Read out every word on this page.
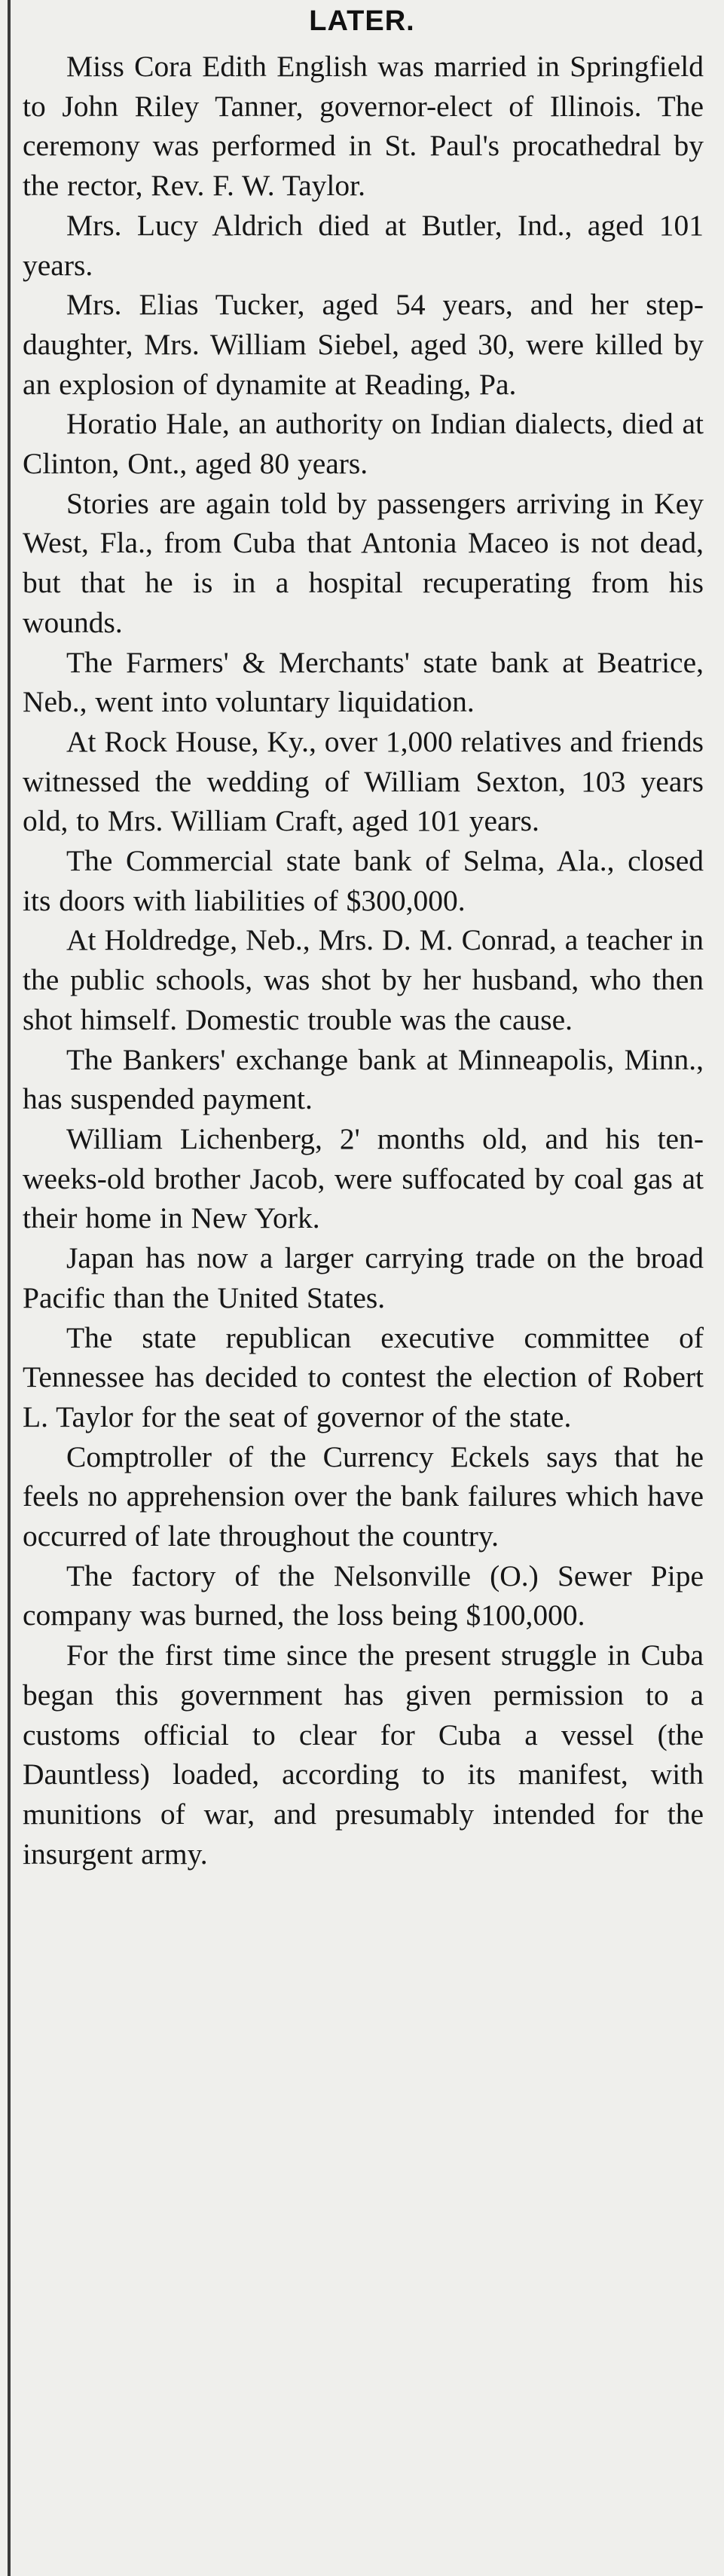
LATER.

Miss Cora Edith English was married in Springfield to John Riley Tanner, governor-elect of Illinois. The ceremony was performed in St. Paul's procathedral by the rector, Rev. F. W. Taylor.

Mrs. Lucy Aldrich died at Butler, Ind., aged 101 years.

Mrs. Elias Tucker, aged 54 years, and her step-daughter, Mrs. William Siebel, aged 30, were killed by an explosion of dynamite at Reading, Pa.

Horatio Hale, an authority on Indian dialects, died at Clinton, Ont., aged 80 years.

Stories are again told by passengers arriving in Key West, Fla., from Cuba that Antonia Maceo is not dead, but that he is in a hospital recuperating from his wounds.

The Farmers' & Merchants' state bank at Beatrice, Neb., went into voluntary liquidation.

At Rock House, Ky., over 1,000 relatives and friends witnessed the wedding of William Sexton, 103 years old, to Mrs. William Craft, aged 101 years.

The Commercial state bank of Selma, Ala., closed its doors with liabilities of $300,000.

At Holdredge, Neb., Mrs. D. M. Conrad, a teacher in the public schools, was shot by her husband, who then shot himself. Domestic trouble was the cause.

The Bankers' exchange bank at Minneapolis, Minn., has suspended payment.

William Lichenberg, 2' months old, and his ten-weeks-old brother Jacob, were suffocated by coal gas at their home in New York.

Japan has now a larger carrying trade on the broad Pacific than the United States.

The state republican executive committee of Tennessee has decided to contest the election of Robert L. Taylor for the seat of governor of the state.

Comptroller of the Currency Eckels says that he feels no apprehension over the bank failures which have occurred of late throughout the country.

The factory of the Nelsonville (O.) Sewer Pipe company was burned, the loss being $100,000.

For the first time since the present struggle in Cuba began this government has given permission to a customs official to clear for Cuba a vessel (the Dauntless) loaded, according to its manifest, with munitions of war, and presumably intended for the insurgent army.
